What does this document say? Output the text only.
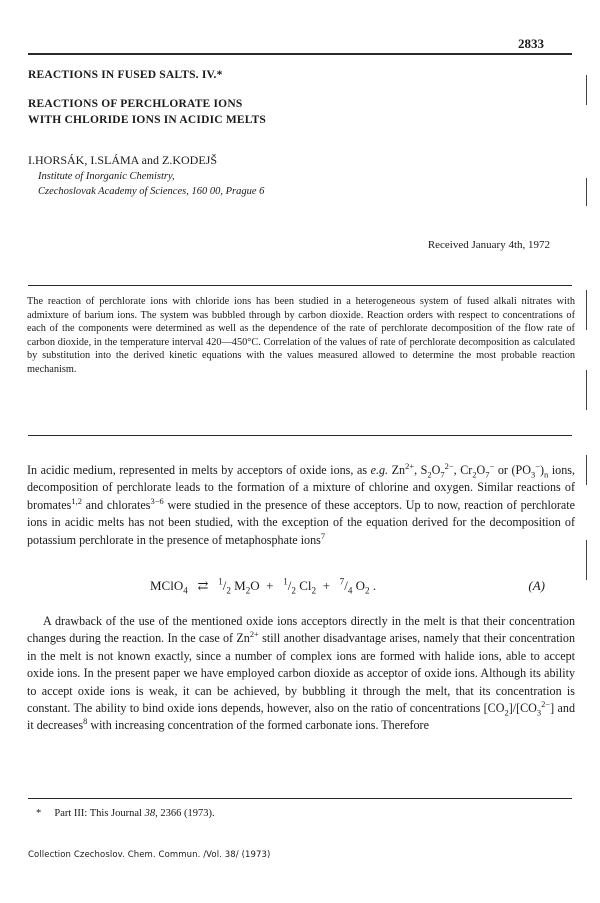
2833
REACTIONS IN FUSED SALTS. IV.*
REACTIONS OF PERCHLORATE IONS
WITH CHLORIDE IONS IN ACIDIC MELTS
I.HORSÁK, I.SLÁMA and Z.KODEJŠ
Institute of Inorganic Chemistry,
Czechoslovak Academy of Sciences, 160 00, Prague 6
Received January 4th, 1972
The reaction of perchlorate ions with chloride ions has been studied in a heterogeneous system of fused alkali nitrates with admixture of barium ions. The system was bubbled through by carbon dioxide. Reaction orders with respect to concentrations of each of the components were determined as well as the dependence of the rate of perchlorate decomposition of the flow rate of carbon dioxide, in the temperature interval 420—450°C. Correlation of the values of rate of perchlorate decomposition as calculated by substitution into the derived kinetic equations with the values measured allowed to determine the most probable reaction mechanism.
In acidic medium, represented in melts by acceptors of oxide ions, as e.g. $Zn^{2+}$, $S_2O_7^{2-}$, $Cr_2O_7^-$ or $(PO_3^-)_n$ ions, decomposition of perchlorate leads to the formation of a mixture of chlorine and oxygen. Similar reactions of bromates$^{1,2}$ and chlorates$^{3-6}$ were studied in the presence of these acceptors. Up to now, reaction of perchlorate ions in acidic melts has not been studied, with the exception of the equation derived for the decomposition of potassium perchlorate in the presence of metaphosphate ions$^7$
MClO$_4$ ⇄ $^1/_2$ $M_2O + ^1/_2$ $Cl_2 + ^7/_4$ $O_2$ .	(A)
A drawback of the use of the mentioned oxide ions acceptors directly in the melt is that their concentration changes during the reaction. In the case of $Zn^{2+}$ still another disadvantage arises, namely that their concentration in the melt is not known exactly, since a number of complex ions are formed with halide ions, able to accept oxide ions. In the present paper we have employed carbon dioxide as acceptor of oxide ions. Although its ability to accept oxide ions is weak, it can be achieved, by bubbling it through the melt, that its concentration is constant. The ability to bind oxide ions depends, however, also on the ratio of concentrations $[CO_2]/[CO_3^{2-}]$ and it decreases$^8$ with increasing concentration of the formed carbonate ions. Therefore
* Part III: This Journal 38, 2366 (1973).
Collection Czechoslov. Chem. Commun. /Vol. 38/ (1973)
